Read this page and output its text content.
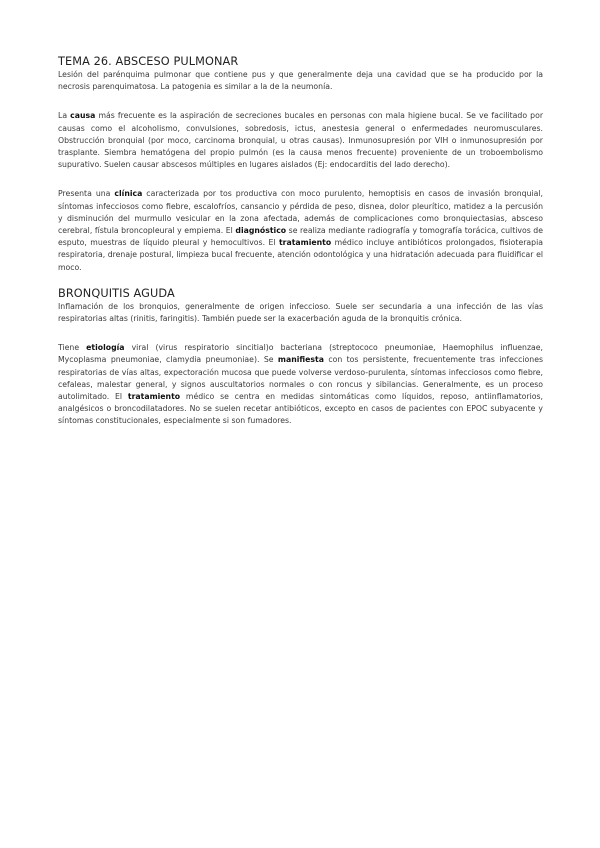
TEMA 26. ABSCESO PULMONAR

Lesión del parénquima pulmonar que contiene pus y que generalmente deja una cavidad que se ha producido por la necrosis parenquimatosa. La patogenia es similar a la de la neumonía.

La causa más frecuente es la aspiración de secreciones bucales en personas con mala higiene bucal. Se ve facilitado por causas como el alcoholismo, convulsiones, sobredosis, ictus, anestesia general o enfermedades neuromusculares. Obstrucción bronquial (por moco, carcinoma bronquial, u otras causas). Inmunosupresión por VIH o inmunosupresión por trasplante. Siembra hematógena del propio pulmón (es la causa menos frecuente) proveniente de un troboembolismo supurativo. Suelen causar abscesos múltiples en lugares aislados (Ej: endocarditis del lado derecho).

Presenta una clínica caracterizada por tos productiva con moco purulento, hemoptisis en casos de invasión bronquial, síntomas infecciosos como fiebre, escalofríos, cansancio y pérdida de peso, disnea, dolor pleurítico, matidez a la percusión y disminución del murmullo vesicular en la zona afectada, además de complicaciones como bronquiectasias, absceso cerebral, fístula broncopleural y empiema. El diagnóstico se realiza mediante radiografía y tomografía torácica, cultivos de esputo, muestras de líquido pleural y hemocultivos. El tratamiento médico incluye antibióticos prolongados, fisioterapia respiratoria, drenaje postural, limpieza bucal frecuente, atención odontológica y una hidratación adecuada para fluidificar el moco.

BRONQUITIS AGUDA

Inflamación de los bronquios, generalmente de origen infeccioso. Suele ser secundaria a una infección de las vías respiratorias altas (rinitis, faringitis). También puede ser la exacerbación aguda de la bronquitis crónica.

Tiene etiología viral (virus respiratorio sincitial)o bacteriana (streptococo pneumoniae, Haemophilus influenzae, Mycoplasma pneumoniae, clamydia pneumoniae). Se manifiesta con tos persistente, frecuentemente tras infecciones respiratorias de vías altas, expectoración mucosa que puede volverse verdoso-purulenta, síntomas infecciosos como fiebre, cefaleas, malestar general, y signos auscultatorios normales o con roncus y sibilancias. Generalmente, es un proceso autolimitado. El tratamiento médico se centra en medidas sintomáticas como líquidos, reposo, antiinflamatorios, analgésicos o broncodilatadores. No se suelen recetar antibióticos, excepto en casos de pacientes con EPOC subyacente y síntomas constitucionales, especialmente si son fumadores.
